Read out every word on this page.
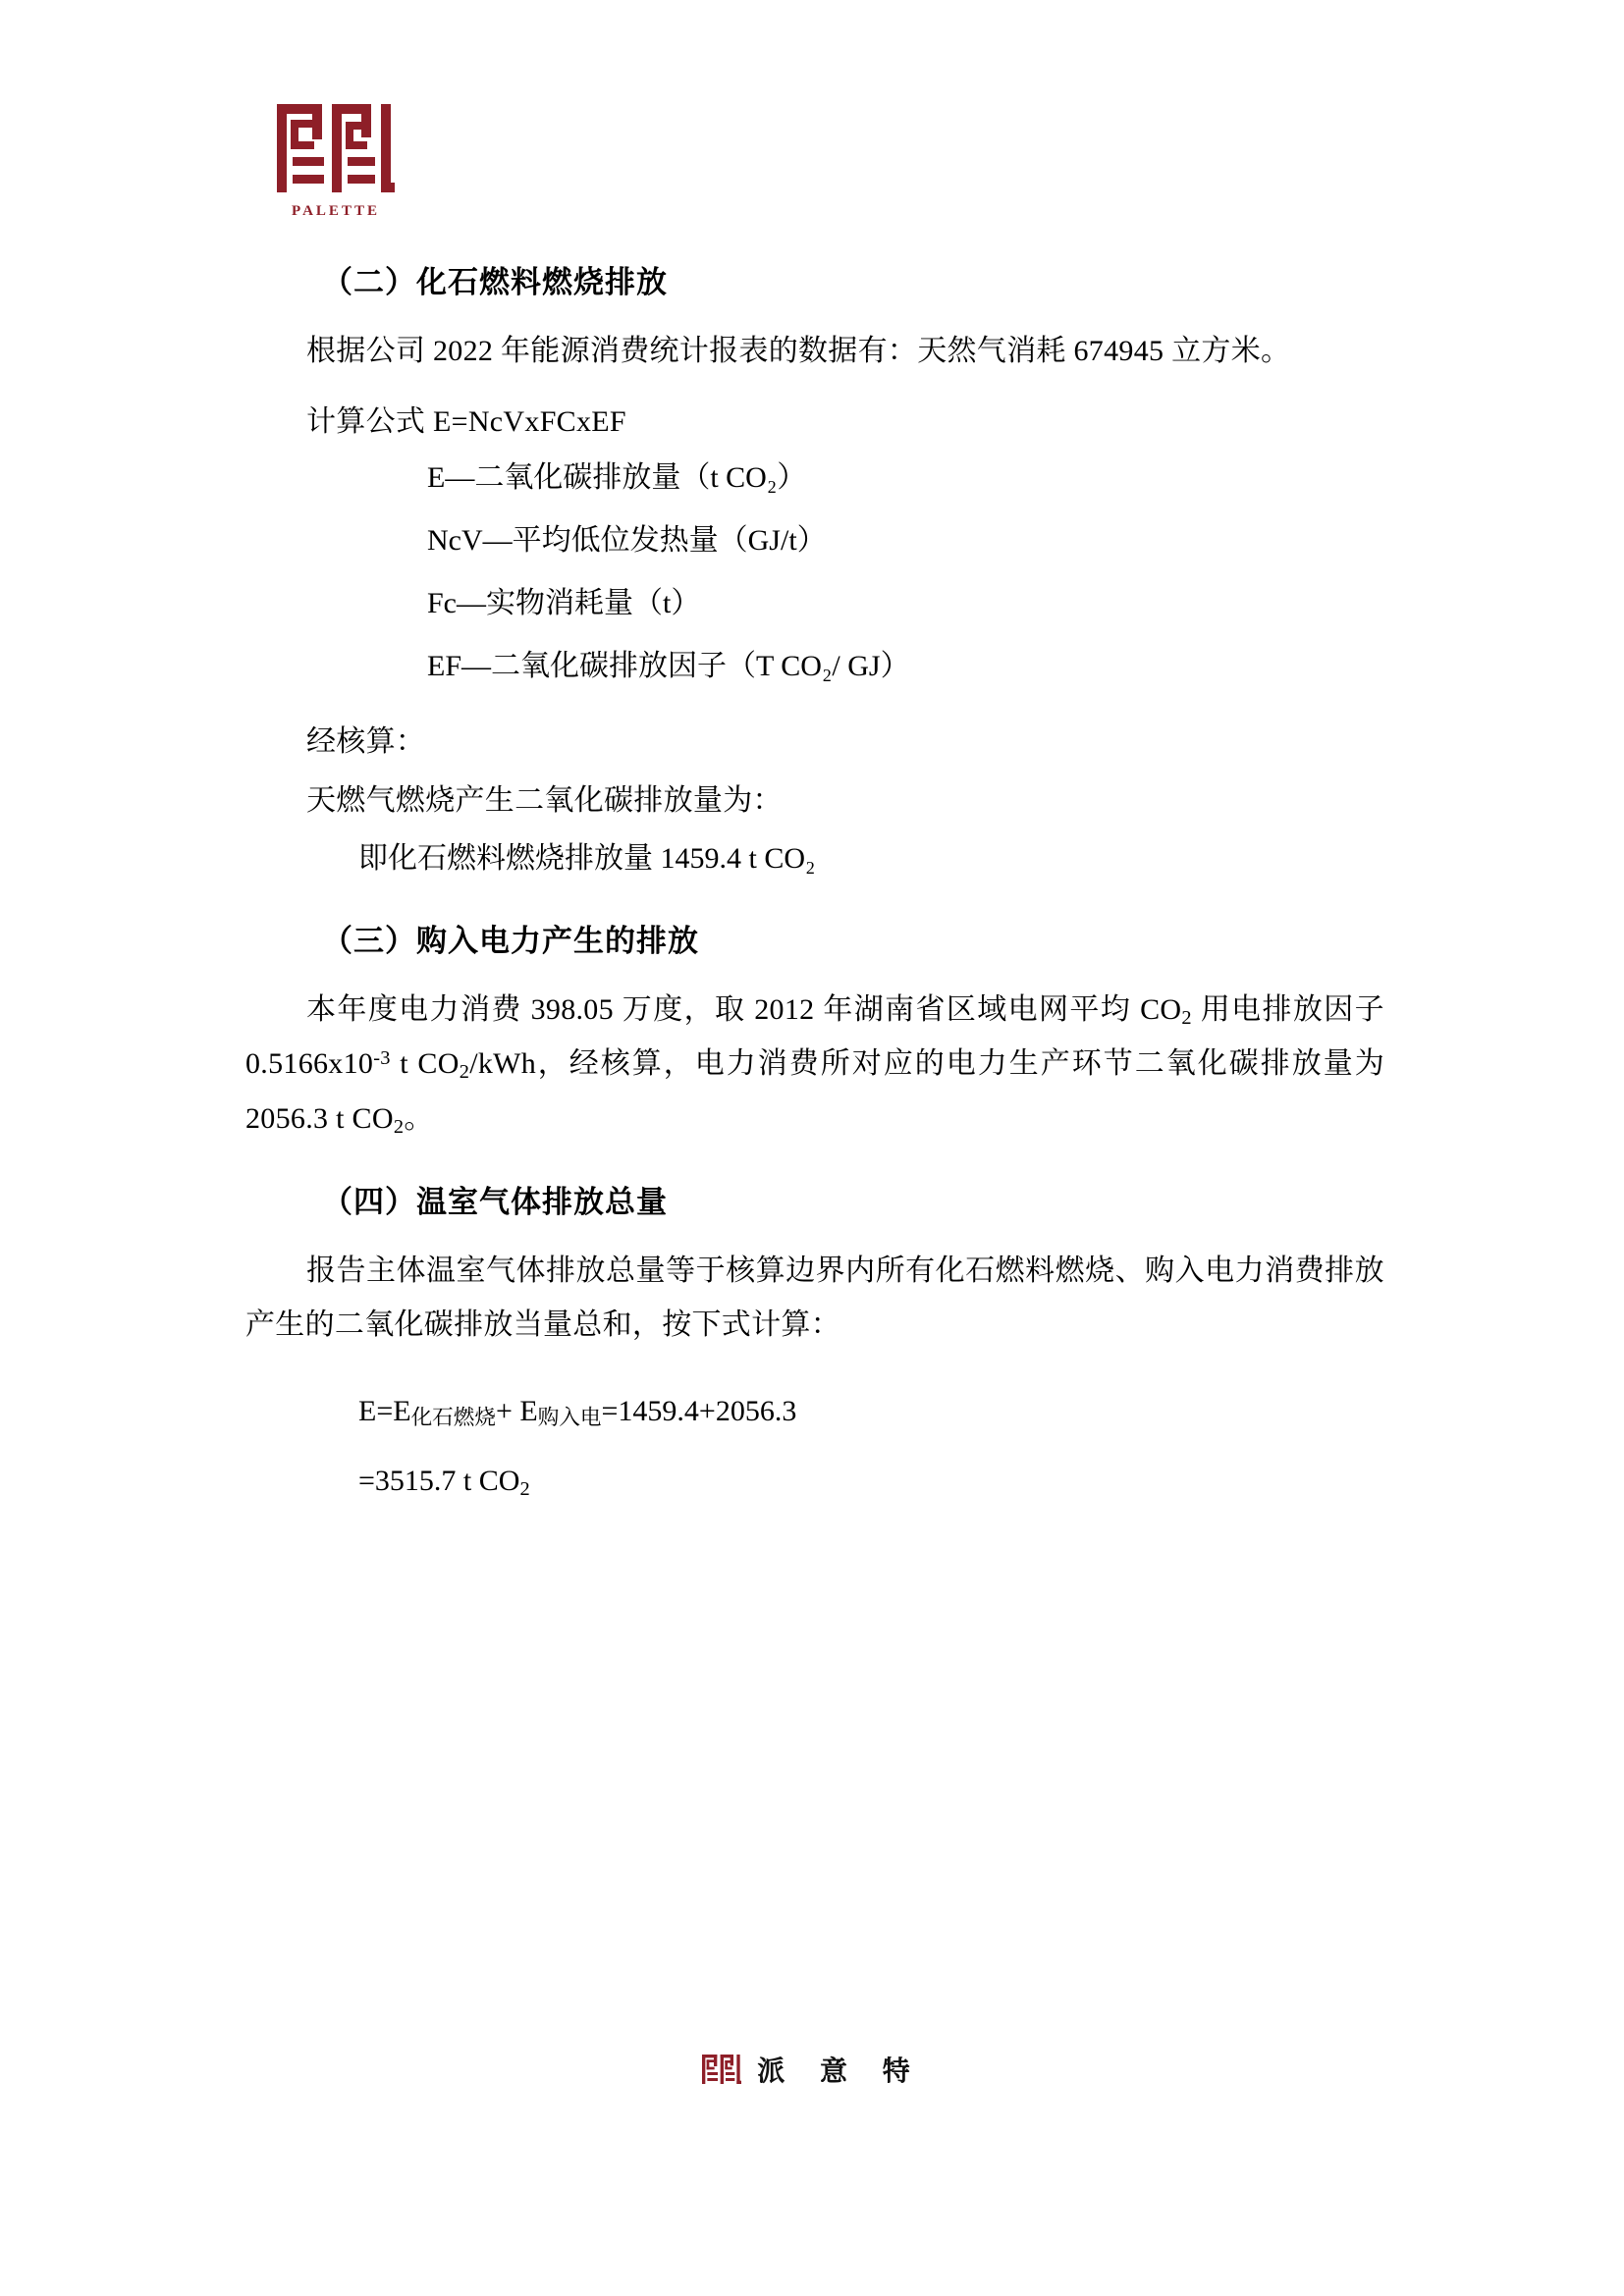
PALETTE
（二）化石燃料燃烧排放

根据公司 2022 年能源消费统计报表的数据有：天然气消耗 674945 立方米。

计算公式 E=NcVxFCxEF

E—二氧化碳排放量（t CO₂）

NcV—平均低位发热量（GJ/t）

Fc—实物消耗量（t）

EF—二氧化碳排放因子（T CO₂/ GJ）

经核算：

天燃气燃烧产生二氧化碳排放量为：

即化石燃料燃烧排放量 1459.4 t CO₂

（三）购入电力产生的排放

本年度电力消费 398.05 万度，取 2012 年湖南省区域电网平均 $CO_2$ 用电排放因子 $0.5166x10^{-3}$ t $CO_2$/kWh，经核算，电力消费所对应的电力生产环节二氧化碳排放量为 2056.3 t $CO_2$。

（四）温室气体排放总量

报告主体温室气体排放总量等于核算边界内所有化石燃料燃烧、购入电力消费排放产生的二氧化碳排放当量总和，按下式计算：

E=E化石燃烧+ E购入电=1459.4+2056.3

=3515.7 t $CO_2$

派 意 特
